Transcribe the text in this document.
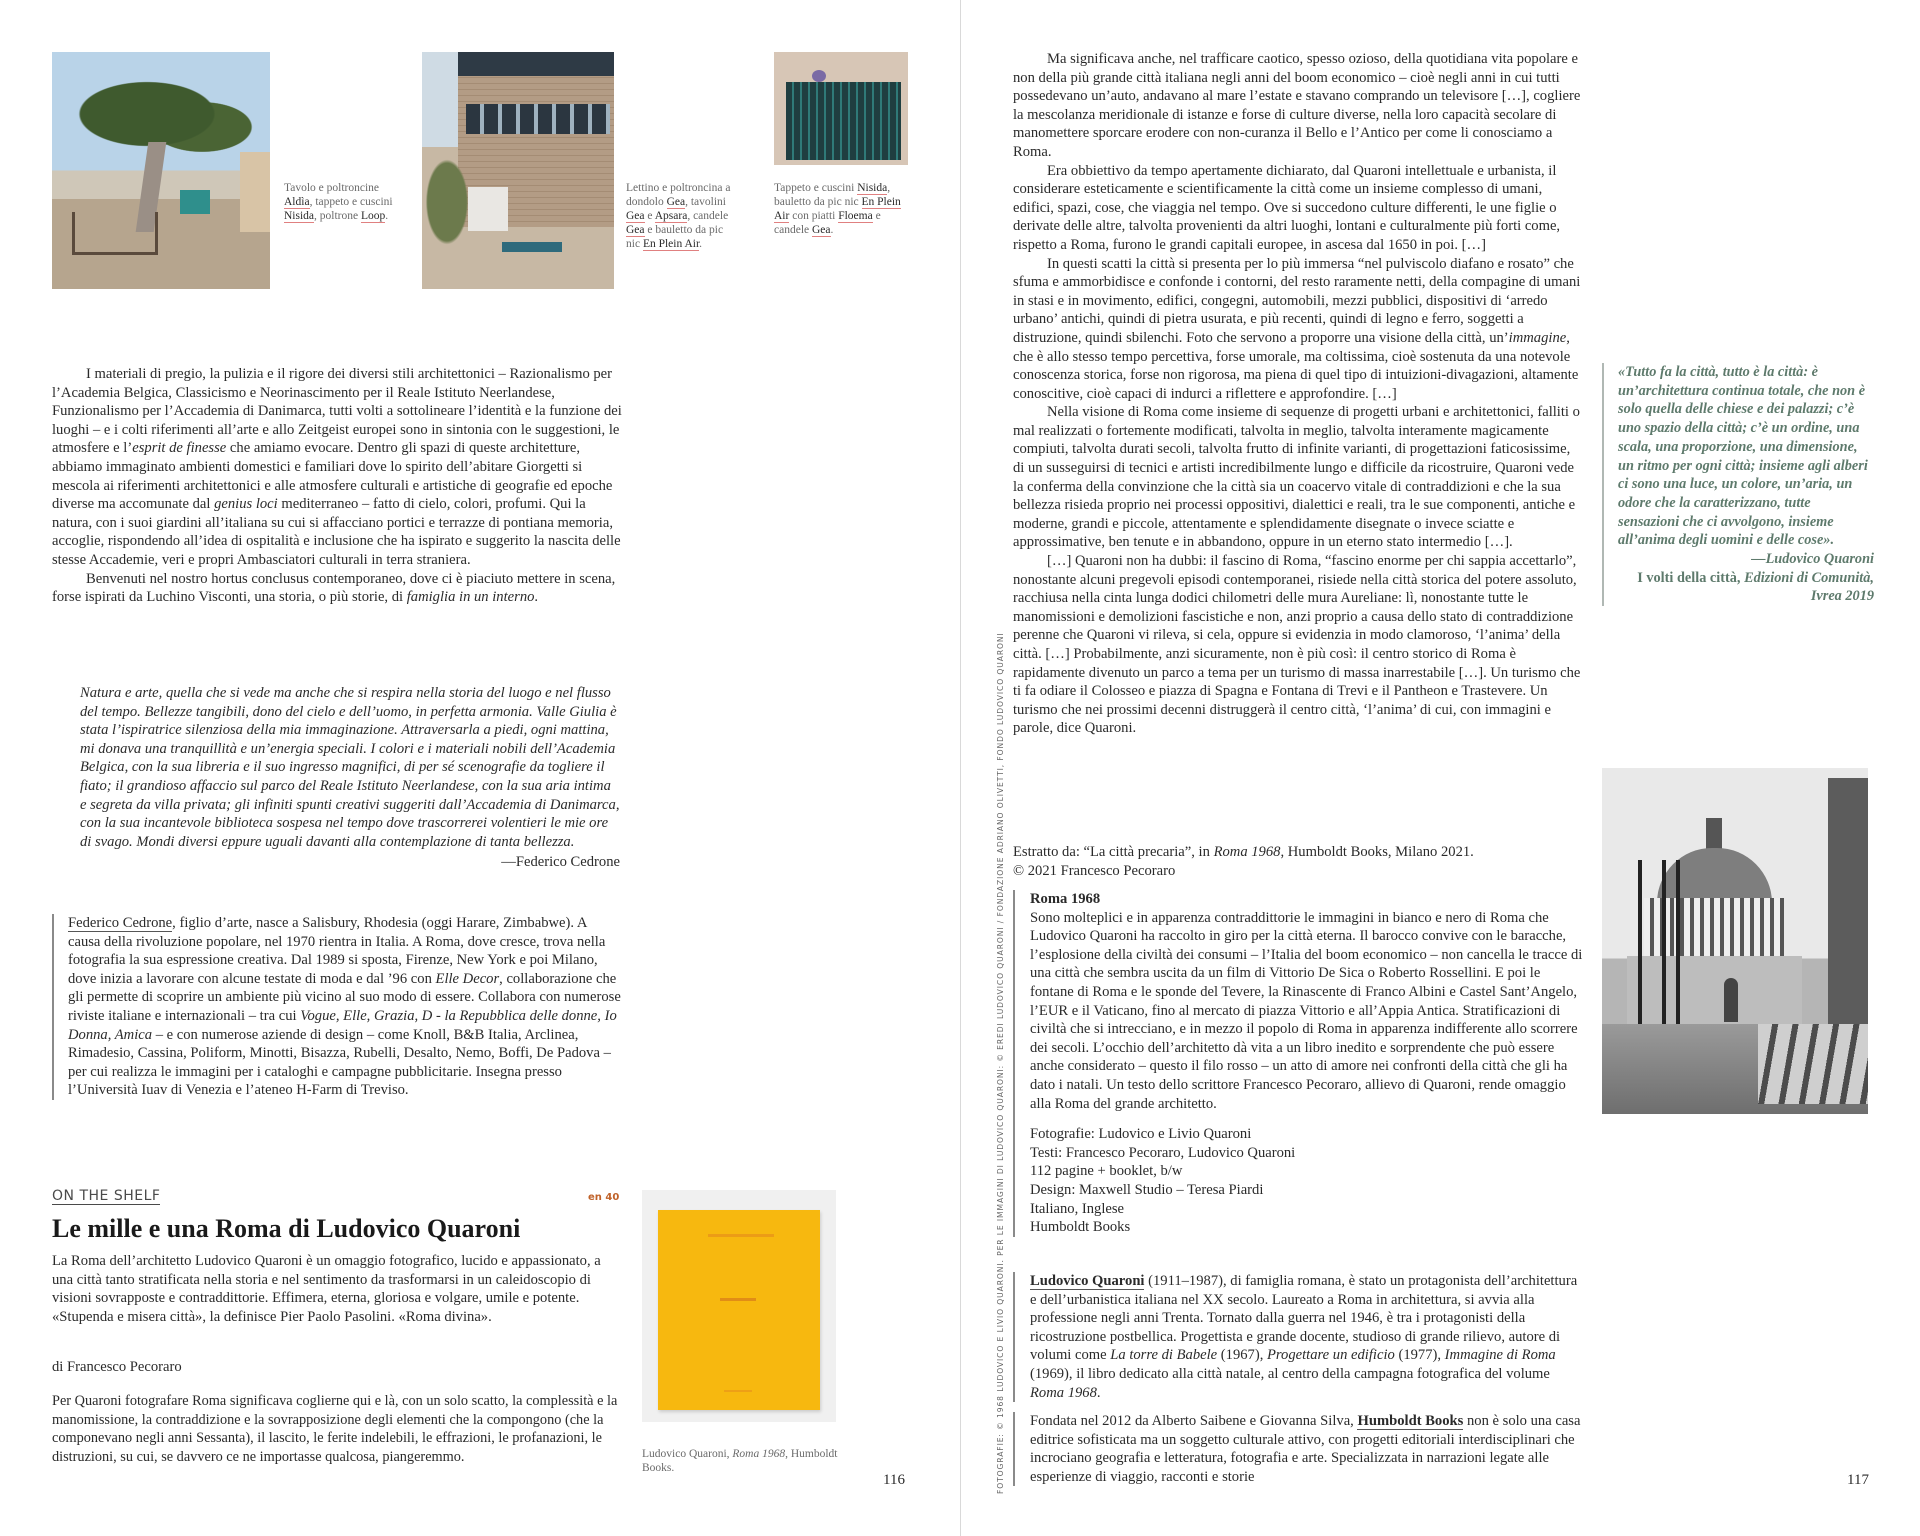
Tavolo e poltroncine Aldìa, tappeto e cuscini Nisida, poltrone Loop.
Lettino e poltroncina a dondolo Gea, tavolini Gea e Apsara, candele Gea e bauletto da pic nic En Plein Air.
Tappeto e cuscini Nisida, bauletto da pic nic En Plein Air con piatti Floema e candele Gea.

I materiali di pregio, la pulizia e il rigore dei diversi stili architettonici – Razionalismo per l’Academia Belgica, Classicismo e Neorinascimento per il Reale Istituto Neerlandese, Funzionalismo per l’Accademia di Danimarca, tutti volti a sottolineare l’identità e la funzione dei luoghi – e i colti riferimenti all’arte e allo Zeitgeist europei sono in sintonia con le suggestioni, le atmosfere e l’esprit de finesse che amiamo evocare. Dentro gli spazi di queste architetture, abbiamo immaginato ambienti domestici e familiari dove lo spirito dell’abitare Giorgetti si mescola ai riferimenti architettonici e alle atmosfere culturali e artistiche di geografie ed epoche diverse ma accomunate dal genius loci mediterraneo – fatto di cielo, colori, profumi. Qui la natura, con i suoi giardini all’italiana su cui si affacciano portici e terrazze di pontiana memoria, accoglie, rispondendo all’idea di ospitalità e inclusione che ha ispirato e suggerito la nascita delle stesse Accademie, veri e propri Ambasciatori culturali in terra straniera.

Benvenuti nel nostro hortus conclusus contemporaneo, dove ci è piaciuto mettere in scena, forse ispirati da Luchino Visconti, una storia, o più storie, di famiglia in un interno.

Natura e arte, quella che si vede ma anche che si respira nella storia del luogo e nel flusso del tempo. Bellezze tangibili, dono del cielo e dell’uomo, in perfetta armonia. Valle Giulia è stata l’ispiratrice silenziosa della mia immaginazione. Attraversarla a piedi, ogni mattina, mi donava una tranquillità e un’energia speciali. I colori e i materiali nobili dell’Academia Belgica, con la sua libreria e il suo ingresso magnifici, di per sé scenografie da togliere il fiato; il grandioso affaccio sul parco del Reale Istituto Neerlandese, con la sua aria intima e segreta da villa privata; gli infiniti spunti creativi suggeriti dall’Accademia di Danimarca, con la sua incantevole biblioteca sospesa nel tempo dove trascorrerei volentieri le mie ore di svago. Mondi diversi eppure uguali davanti alla contemplazione di tanta bellezza.
—Federico Cedrone
Federico Cedrone, figlio d’arte, nasce a Salisbury, Rhodesia (oggi Harare, Zimbabwe). A causa della rivoluzione popolare, nel 1970 rientra in Italia. A Roma, dove cresce, trova nella fotografia la sua espressione creativa. Dal 1989 si sposta, Firenze, New York e poi Milano, dove inizia a lavorare con alcune testate di moda e dal ’96 con Elle Decor, collaborazione che gli permette di scoprire un ambiente più vicino al suo modo di essere. Collabora con numerose riviste italiane e internazionali – tra cui Vogue, Elle, Grazia, D - la Repubblica delle donne, Io Donna, Amica – e con numerose aziende di design – come Knoll, B&B Italia, Arclinea, Rimadesio, Cassina, Poliform, Minotti, Bisazza, Rubelli, Desalto, Nemo, Boffi, De Padova – per cui realizza le immagini per i cataloghi e campagne pubblicitarie. Insegna presso l’Università Iuav di Venezia e l’ateneo H-Farm di Treviso.
ON THE SHELF	en 40
Le mille e una Roma di Ludovico Quaroni
La Roma dell’architetto Ludovico Quaroni è un omaggio fotografico, lucido e appassionato, a una città tanto stratificata nella storia e nel sentimento da trasformarsi in un caleidoscopio di visioni sovrapposte e contraddittorie. Effimera, eterna, gloriosa e volgare, umile e potente. «Stupenda e misera città», la definisce Pier Paolo Pasolini. «Roma divina».
di Francesco Pecoraro
Per Quaroni fotografare Roma significava coglierne qui e là, con un solo scatto, la complessità e la manomissione, la contraddizione e la sovrapposizione degli elementi che la compongono (che la componevano negli anni Sessanta), il lascito, le ferite indelebili, le effrazioni, le profanazioni, le distruzioni, su cui, se davvero ce ne importasse qualcosa, piangeremmo.	Ludovico Quaroni, Roma 1968, Humboldt Books.
116

Ma significava anche, nel trafficare caotico, spesso ozioso, della quotidiana vita popolare e non della più grande città italiana negli anni del boom economico – cioè negli anni in cui tutti possedevano un’auto, andavano al mare l’estate e stavano comprando un televisore […], cogliere la mescolanza meridionale di istanze e forse di culture diverse, nella loro capacità secolare di manomettere sporcare erodere con non-curanza il Bello e l’Antico per come li conosciamo a Roma.

Era obbiettivo da tempo apertamente dichiarato, dal Quaroni intellettuale e urbanista, il considerare esteticamente e scientificamente la città come un insieme complesso di umani, edifici, spazi, cose, che viaggia nel tempo. Ove si succedono culture differenti, le une figlie o derivate delle altre, talvolta provenienti da altri luoghi, lontani e culturalmente più forti come, rispetto a Roma, furono le grandi capitali europee, in ascesa dal 1650 in poi. […]

In questi scatti la città si presenta per lo più immersa “nel pulviscolo diafano e rosato” che sfuma e ammorbidisce e confonde i contorni, del resto raramente netti, della compagine di umani in stasi e in movimento, edifici, congegni, automobili, mezzi pubblici, dispositivi di ‘arredo urbano’ antichi, quindi di pietra usurata, e più recenti, quindi di legno e ferro, soggetti a distruzione, quindi sbilenchi. Foto che servono a proporre una visione della città, un’immagine, che è allo stesso tempo percettiva, forse umorale, ma coltissima, cioè sostenuta da una notevole conoscenza storica, forse non rigorosa, ma piena di quel tipo di intuizioni-divagazioni, altamente conoscitive, cioè capaci di indurci a riflettere e approfondire. […]

Nella visione di Roma come insieme di sequenze di progetti urbani e architettonici, falliti o mal realizzati o fortemente modificati, talvolta in meglio, talvolta interamente magicamente compiuti, talvolta durati secoli, talvolta frutto di infinite varianti, di progettazioni faticosissime, di un susseguirsi di tecnici e artisti incredibilmente lungo e difficile da ricostruire, Quaroni vede la conferma della convinzione che la città sia un coacervo vitale di contraddizioni e che la sua bellezza risieda proprio nei processi oppositivi, dialettici e reali, tra le sue componenti, antiche e moderne, grandi e piccole, attentamente e splendidamente disegnate o invece sciatte e approssimative, ben tenute e in abbandono, oppure in un eterno stato intermedio […].

[…] Quaroni non ha dubbi: il fascino di Roma, “fascino enorme per chi sappia accettarlo”, nonostante alcuni pregevoli episodi contemporanei, risiede nella città storica del potere assoluto, racchiusa nella cinta lunga dodici chilometri delle mura Aureliane: lì, nonostante tutte le manomissioni e demolizioni fascistiche e non, anzi proprio a causa dello stato di contraddizione perenne che Quaroni vi rileva, si cela, oppure si evidenzia in modo clamoroso, ‘l’anima’ della città. […] Probabilmente, anzi sicuramente, non è più così: il centro storico di Roma è rapidamente divenuto un parco a tema per un turismo di massa inarrestabile […]. Un turismo che ti fa odiare il Colosseo e piazza di Spagna e Fontana di Trevi e il Pantheon e Trastevere. Un turismo che nei prossimi decenni distruggerà il centro città, ‘l’anima’ di cui, con immagini e parole, dice Quaroni.

Estratto da: “La città precaria”, in Roma 1968, Humboldt Books, Milano 2021.
© 2021 Francesco Pecoraro
Roma 1968
Sono molteplici e in apparenza contraddittorie le immagini in bianco e nero di Roma che Ludovico Quaroni ha raccolto in giro per la città eterna. Il barocco convive con le baracche, l’esplosione della civiltà dei consumi – l’Italia del boom economico – non cancella le tracce di una città che sembra uscita da un film di Vittorio De Sica o Roberto Rossellini. E poi le fontane di Roma e le sponde del Tevere, la Rinascente di Franco Albini e Castel Sant’Angelo, l’EUR e il Vaticano, fino al mercato di piazza Vittorio e all’Appia Antica. Stratificazioni di civiltà che si intrecciano, e in mezzo il popolo di Roma in apparenza indifferente allo scorrere dei secoli. L’occhio dell’architetto dà vita a un libro inedito e sorprendente che può essere anche considerato – questo il filo rosso – un atto di amore nei confronti della città che gli ha dato i natali. Un testo dello scrittore Francesco Pecoraro, allievo di Quaroni, rende omaggio alla Roma del grande architetto.
Fotografie: Ludovico e Livio Quaroni
Testi: Francesco Pecoraro, Ludovico Quaroni
112 pagine + booklet, b/w
Design: Maxwell Studio – Teresa Piardi
Italiano, Inglese
Humboldt Books
Ludovico Quaroni (1911–1987), di famiglia romana, è stato un protagonista dell’architettura e dell’urbanistica italiana nel XX secolo. Laureato a Roma in architettura, si avvia alla professione negli anni Trenta. Tornato dalla guerra nel 1946, è tra i protagonisti della ricostruzione postbellica. Progettista e grande docente, studioso di grande rilievo, autore di volumi come La torre di Babele (1967), Progettare un edificio (1977), Immagine di Roma (1969), il libro dedicato alla città natale, al centro della campagna fotografica del volume Roma 1968.
Fondata nel 2012 da Alberto Saibene e Giovanna Silva, Humboldt Books non è solo una casa editrice sofisticata ma un soggetto culturale attivo, con progetti editoriali interdisciplinari che incrociano geografia e letteratura, fotografia e arte. Specializzata in narrazioni legate alle esperienze di viaggio, racconti e storie
«Tutto fa la città, tutto è la città: è un’architettura continua totale, che non è solo quella delle chiese e dei palazzi; c’è uno spazio della città; c’è un ordine, una scala, una proporzione, una dimensione, un ritmo per ogni città; insieme agli alberi ci sono una luce, un colore, un’aria, un odore che la caratterizzano, tutte sensazioni che ci avvolgono, insieme all’anima degli uomini e delle cose».
—Ludovico Quaroni
I volti della città, Edizioni di Comunità, Ivrea 2019
FOTOGRAFIE: © 1968 LUDOVICO E LIVIO QUARONI. PER LE IMMAGINI DI LUDOVICO QUARONI: © EREDI LUDOVICO QUARONI / FONDAZIONE ADRIANO OLIVETTI, FONDO LUDOVICO QUARONI	117
